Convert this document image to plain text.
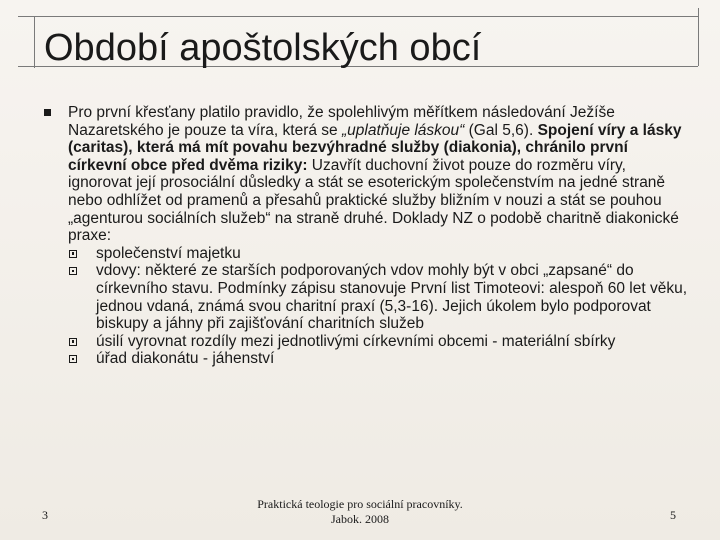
Období apoštolských obcí
Pro první křesťany platilo pravidlo, že spolehlivým měřítkem následování Ježíše Nazaretského je pouze ta víra, která se „uplatňuje láskou“ (Gal 5,6). Spojení víry a lásky (caritas), která má mít povahu bezvýhradné služby (diakonia), chránilo první církevní obce před dvěma riziky: Uzavřít duchovní život pouze do rozměru víry, ignorovat její prosociální důsledky a stát se esoterickým společenstvím na jedné straně nebo odhlížet od pramenů a přesahů praktické služby bližním v nouzi a stát se pouhou „agenturou sociálních služeb“ na straně druhé. Doklady NZ o podobě charitně diakonické praxe:
společenství majetku
vdovy: některé ze starších podporovaných vdov mohly být v obci „zapsané“ do církevního stavu. Podmínky zápisu stanovuje První list Timoteovi: alespoň 60 let věku, jednou vdaná, známá svou charitní praxí (5,3-16). Jejich úkolem bylo podporovat biskupy a jáhny při zajišťování charitních služeb
úsilí vyrovnat rozdíly mezi jednotlivými církevními obcemi - materiální sbírky
úřad diakonátu - jáhenství
3
Praktická teologie pro sociální pracovníky.
Jabok. 2008	5
